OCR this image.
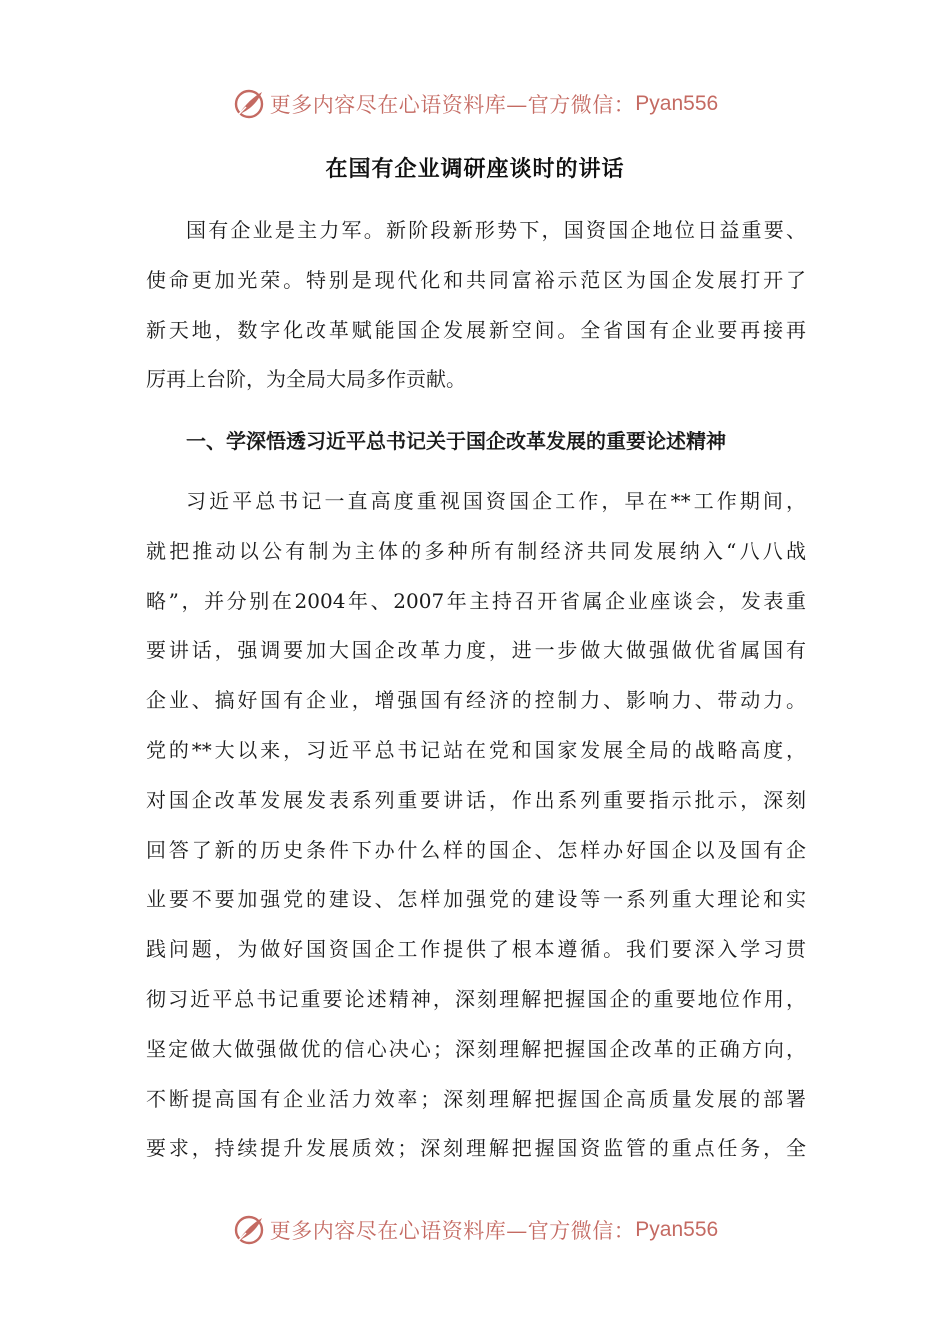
更多内容尽在心语资料库—官方微信： Pyan556
在国有企业调研座谈时的讲话
国有企业是主力军。新阶段新形势下，国资国企地位日益重要、
使命更加光荣。特别是现代化和共同富裕示范区为国企发展打开了
新天地，数字化改革赋能国企发展新空间。全省国有企业要再接再
厉再上台阶，为全局大局多作贡献。
一、学深悟透习近平总书记关于国企改革发展的重要论述精神
习近平总书记一直高度重视国资国企工作，早在**工作期间，
就把推动以公有制为主体的多种所有制经济共同发展纳入“八八战
略”，并分别在2004年、2007年主持召开省属企业座谈会，发表重
要讲话，强调要加大国企改革力度，进一步做大做强做优省属国有
企业、搞好国有企业，增强国有经济的控制力、影响力、带动力。
党的**大以来，习近平总书记站在党和国家发展全局的战略高度，
对国企改革发展发表系列重要讲话，作出系列重要指示批示，深刻
回答了新的历史条件下办什么样的国企、怎样办好国企以及国有企
业要不要加强党的建设、怎样加强党的建设等一系列重大理论和实
践问题，为做好国资国企工作提供了根本遵循。我们要深入学习贯
彻习近平总书记重要论述精神，深刻理解把握国企的重要地位作用，
坚定做大做强做优的信心决心；深刻理解把握国企改革的正确方向，
不断提高国有企业活力效率；深刻理解把握国企高质量发展的部署
要求，持续提升发展质效；深刻理解把握国资监管的重点任务，全
更多内容尽在心语资料库—官方微信： Pyan556
